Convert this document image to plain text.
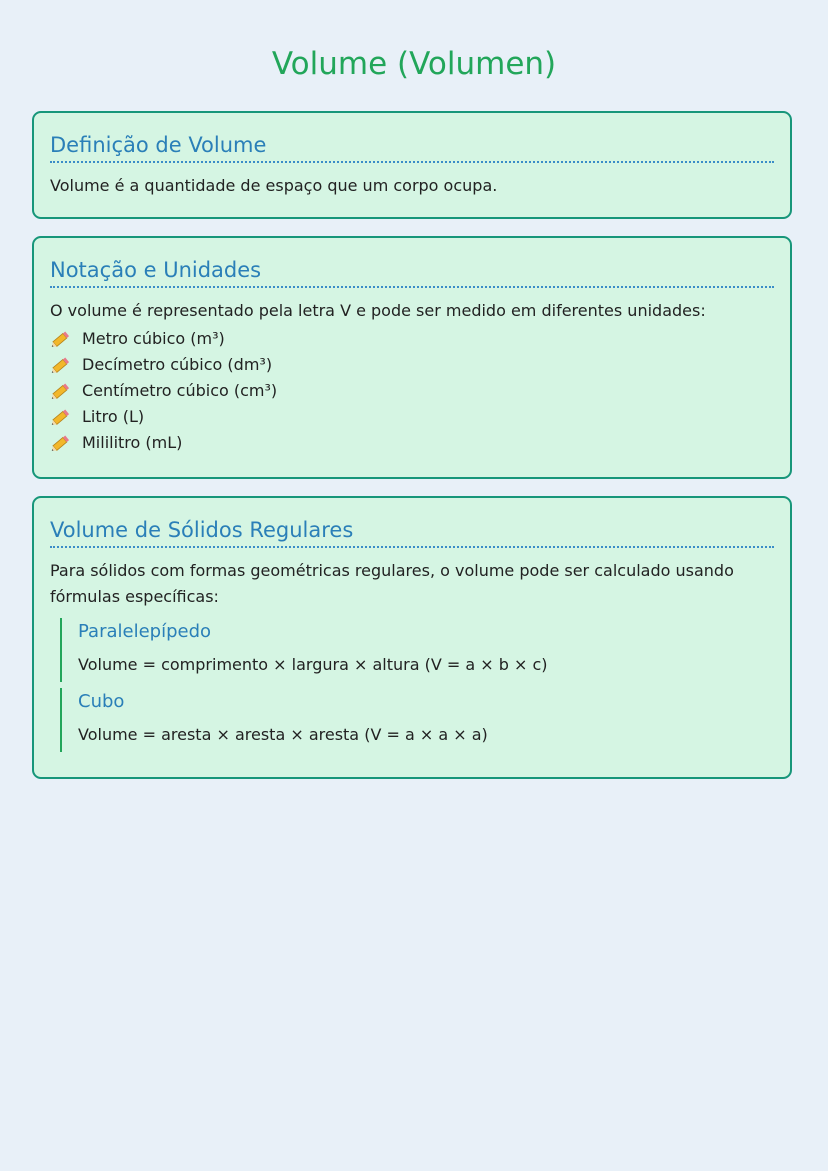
Volume (Volumen)
Definição de Volume

Volume é a quantidade de espaço que um corpo ocupa.

Notação e Unidades

O volume é representado pela letra V e pode ser medido em diferentes unidades:

Metro cúbico (m³)
Decímetro cúbico (dm³)
Centímetro cúbico (cm³)
Litro (L)
Mililitro (mL)
Volume de Sólidos Regulares

Para sólidos com formas geométricas regulares, o volume pode ser calculado usando fórmulas específicas:

Paralelepípedo

Volume = comprimento × largura × altura (V = a × b × c)

Cubo

Volume = aresta × aresta × aresta (V = a × a × a)
